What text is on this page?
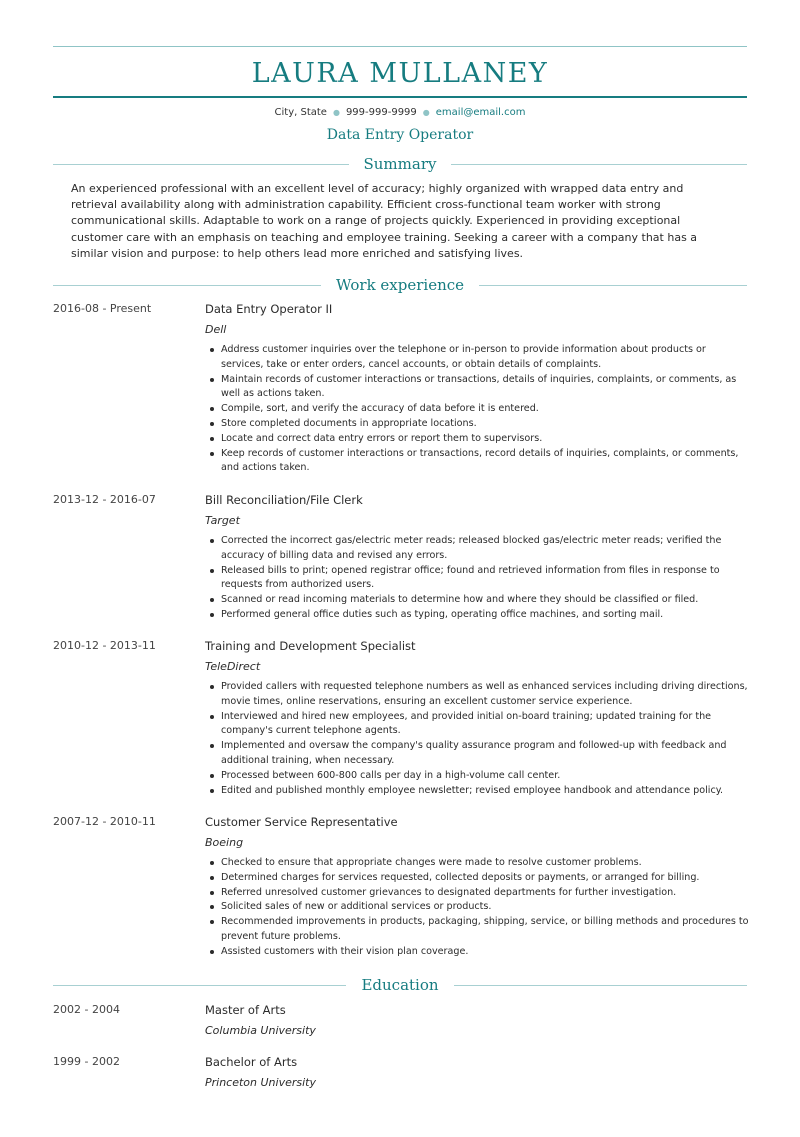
LAURA MULLANEY
City, State ● 999-999-9999 ● email@email.com
Data Entry Operator
Summary
An experienced professional with an excellent level of accuracy; highly organized with wrapped data entry and retrieval availability along with administration capability. Efficient cross-functional team worker with strong communicational skills. Adaptable to work on a range of projects quickly. Experienced in providing exceptional customer care with an emphasis on teaching and employee training. Seeking a career with a company that has a similar vision and purpose: to help others lead more enriched and satisfying lives.
Work experience
2016-08 - Present	Data Entry Operator II
Dell
Address customer inquiries over the telephone or in-person to provide information about products or services, take or enter orders, cancel accounts, or obtain details of complaints.
Maintain records of customer interactions or transactions, details of inquiries, complaints, or comments, as well as actions taken.
Compile, sort, and verify the accuracy of data before it is entered.
Store completed documents in appropriate locations.
Locate and correct data entry errors or report them to supervisors.
Keep records of customer interactions or transactions, record details of inquiries, complaints, or comments, and actions taken.
2013-12 - 2016-07	Bill Reconciliation/File Clerk
Target
Corrected the incorrect gas/electric meter reads; released blocked gas/electric meter reads; verified the accuracy of billing data and revised any errors.
Released bills to print; opened registrar office; found and retrieved information from files in response to requests from authorized users.
Scanned or read incoming materials to determine how and where they should be classified or filed.
Performed general office duties such as typing, operating office machines, and sorting mail.
2010-12 - 2013-11	Training and Development Specialist
TeleDirect
Provided callers with requested telephone numbers as well as enhanced services including driving directions, movie times, online reservations, ensuring an excellent customer service experience.
Interviewed and hired new employees, and provided initial on-board training; updated training for the company's current telephone agents.
Implemented and oversaw the company's quality assurance program and followed-up with feedback and additional training, when necessary.
Processed between 600-800 calls per day in a high-volume call center.
Edited and published monthly employee newsletter; revised employee handbook and attendance policy.
2007-12 - 2010-11	Customer Service Representative
Boeing
Checked to ensure that appropriate changes were made to resolve customer problems.
Determined charges for services requested, collected deposits or payments, or arranged for billing.
Referred unresolved customer grievances to designated departments for further investigation.
Solicited sales of new or additional services or products.
Recommended improvements in products, packaging, shipping, service, or billing methods and procedures to prevent future problems.
Assisted customers with their vision plan coverage.
Education
2002 - 2004	Master of Arts
Columbia University
1999 - 2002	Bachelor of Arts
Princeton University
